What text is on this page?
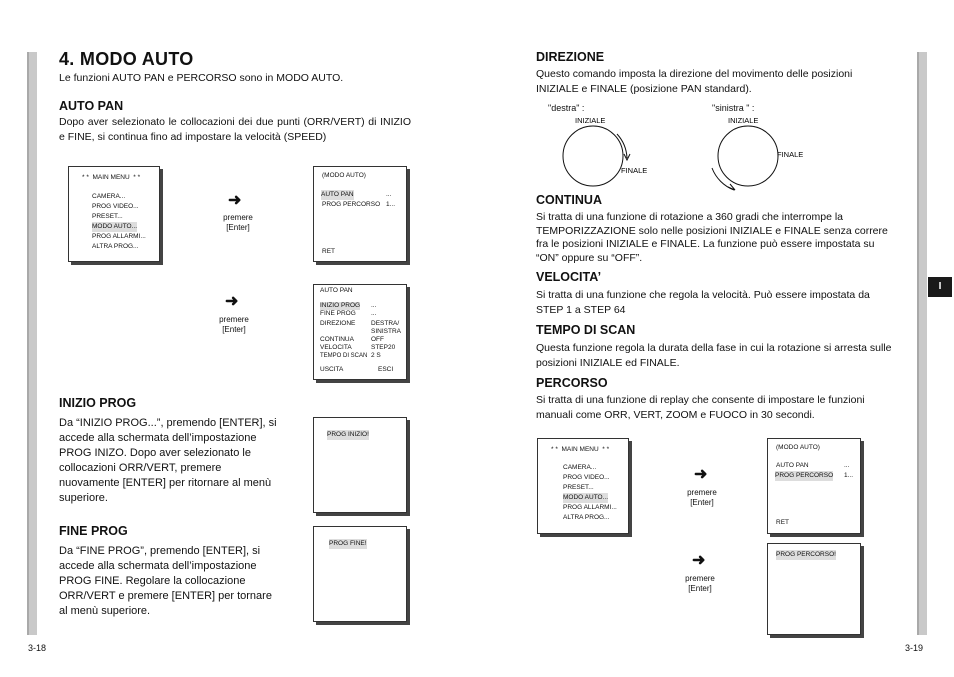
I
4. MODO AUTO
Le funzioni AUTO PAN e PERCORSO sono in MODO AUTO.
AUTO PAN
Dopo aver selezionato le collocazioni dei due punti (ORR/VERT) di INIZIO e FINE, si continua fino ad impostare la velocità (SPEED)
* *  MAIN MENU  * *
CAMERA...
PROG VIDEO...
PRESET...
MODO AUTO...
PROG ALLARMI...
ALTRA PROG...
➜
premere
[Enter]
(MODO AUTO)
AUTO PAN	...
PROG PERCORSO 1...
RET
➜
premere
[Enter]
AUTO PAN
INIZIO PROG ...
FINE PROG ...
DIREZIONE DESTRA/
SINISTRA
CONTINUA	OFF
VELOCITA	STEP20
TEMPO DI SCAN 2 S
USCITA	ESCI
INIZIO PROG
Da “INIZIO PROG...”, premendo [ENTER], si accede alla schermata dell’impostazione PROG INIZO. Dopo aver selezionato le collocazioni ORR/VERT, premere nuovamente [ENTER] per ritornare al menù superiore.
PROG INIZIO!
FINE PROG
Da “FINE PROG”, premendo [ENTER], si accede alla schermata dell’impostazione PROG FINE. Regolare la collocazione ORR/VERT e premere [ENTER] per tornare al menù superiore.
PROG FINE!
3-18
DIREZIONE
Questo comando imposta la direzione del movimento delle posizioni INIZIALE e FINALE (posizione PAN standard).
"destra" :	"sinistra " :
INIZIALE
FINALE
INIZIALE
FINALE
CONTINUA
Si tratta di una funzione di rotazione a 360 gradi che interrompe la TEMPORIZZAZIONE solo nelle posizioni INIZIALE e FINALE senza correre fra le posizioni INIZIALE e FINALE. La funzione può essere impostata su “ON” oppure su “OFF”.
VELOCITA’
Si tratta di una funzione che regola la velocità. Può essere impostata da STEP 1 a STEP 64
TEMPO DI SCAN
Questa funzione regola la durata della fase in cui la rotazione si arresta sulle posizioni INIZIALE ed FINALE.
PERCORSO
Si tratta di una funzione di replay che consente di impostare le funzioni manuali come ORR, VERT, ZOOM e FUOCO in 30 secondi.
* *  MAIN MENU  * *
CAMERA...
PROG VIDEO...
PRESET...
MODO AUTO...
PROG ALLARMI...
ALTRA PROG...
➜
premere
[Enter]
(MODO AUTO)
AUTO PAN	...
PROG PERCORSO 1...
RET
➜
premere
[Enter]
PROG PERCORSO!
3-19
